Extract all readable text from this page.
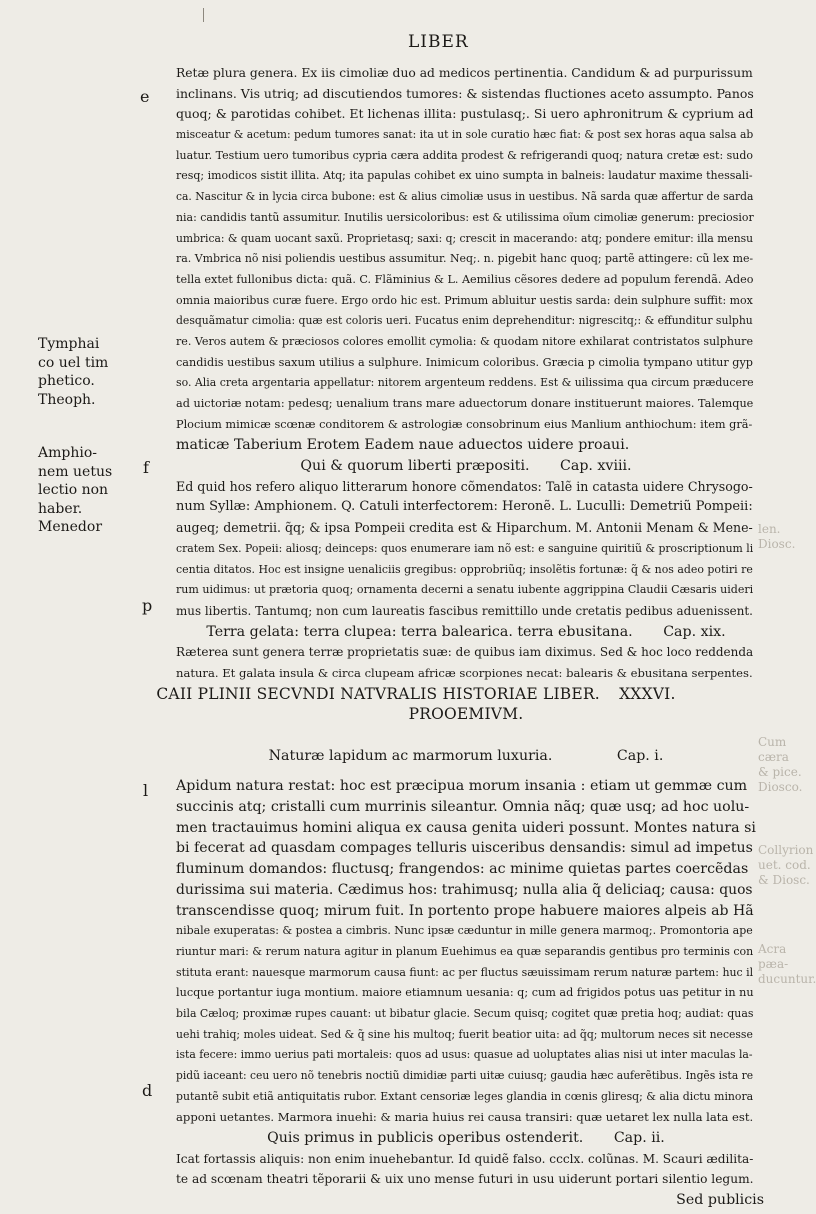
LIBER
Cum cæra
& pice.
Diosco.
Collyrion
uet. cod.
& Diosc.
Acra pæa-
ducuntur.
len. Diosc.
Tymphai
co uel tim
phetico.
Theoph.
Amphio-
nem uetus
lectio non
haber.
Menedor
e
f
p
l
d
Retæ plura genera. Ex iis cimoliæ duo ad medicos pertinentia. Candidum & ad purpurissum
inclinans. Vis utriq; ad discutiendos tumores: & sistendas fluctiones aceto assumpto. Panos
quoq; & parotidas cohibet. Et lichenas illita: pustulasq;. Si uero aphronitrum & cyprium ad
misceatur & acetum: pedum tumores sanat: ita ut in sole curatio hæc fiat: & post sex horas aqua salsa ab
luatur. Testium uero tumoribus cypria cæra addita prodest & refrigerandi quoq; natura cretæ est: sudo
resq; imodicos sistit illita. Atq; ita papulas cohibet ex uino sumpta in balneis: laudatur maxime thessali-
ca. Nascitur & in lycia circa bubone: est & alius cimoliæ usus in uestibus. Nã sarda quæ affertur de sarda
nia: candidis tantũ assumitur. Inutilis uersicoloribus: est & utilissima oĩum cimoliæ generum: preciosior
umbrica: & quam uocant saxũ. Proprietasq; saxi: q; crescit in macerando: atq; pondere emitur: illa mensu
ra. Vmbrica nõ nisi poliendis uestibus assumitur. Neq;. n. pigebit hanc quoq; partẽ attingere: cũ lex me-
tella extet fullonibus dicta: quã. C. Flãminius & L. Aemilius cẽsores dedere ad populum ferendã. Adeo
omnia maioribus curæ fuere. Ergo ordo hic est. Primum abluitur uestis sarda: dein sulphure suffit: mox
desquãmatur cimolia: quæ est coloris ueri. Fucatus enim deprehenditur: nigrescitq;: & effunditur sulphu
re. Veros autem & præciosos colores emollit cymolia: & quodam nitore exhilarat contristatos sulphure
candidis uestibus saxum utilius a sulphure. Inimicum coloribus. Græcia p cimolia tympano utitur gyp
so. Alia creta argentaria appellatur: nitorem argenteum reddens. Est & uilissima qua circum præducere
ad uictoriæ notam: pedesq; uenalium trans mare aduectorum donare instituerunt maiores. Talemque
Plocium mimicæ scœnæ conditorem & astrologiæ consobrinum eius Manlium anthiochum: item grã-
maticæ Taberium Erotem Eadem naue aduectos uidere proaui.
Qui & quorum liberti præpositi. Cap. xviii.
Ed quid hos refero aliquo litterarum honore cõmendatos: Talẽ in catasta uidere Chrysogo-
num Syllæ: Amphionem. Q. Catuli interfectorem: Heronẽ. L. Luculli: Demetriũ Pompeii:
augeq; demetrii. q̃q; & ipsa Pompeii credita est & Hiparchum. M. Antonii Menam & Mene-
cratem Sex. Popeii: aliosq; deinceps: quos enumerare iam nõ est: e sanguine quiritiũ & proscriptionum li
centia ditatos. Hoc est insigne uenaliciis gregibus: opprobriũq; insolẽtis fortunæ: q̃ & nos adeo potiri re
rum uidimus: ut prætoria quoq; ornamenta decerni a senatu iubente aggrippina Claudii Cæsaris uideri
mus libertis. Tantumq; non cum laureatis fascibus remittillo unde cretatis pedibus aduenissent.
Terra gelata: terra clupea: terra balearica. terra ebusitana. Cap. xix.
Ræterea sunt genera terræ proprietatis suæ: de quibus iam diximus. Sed & hoc loco reddenda
natura. Et galata insula & circa clupeam africæ scorpiones necat: balearis & ebusitana serpentes.
CAII PLINII SECVNDI NATVRALIS HISTORIAE LIBER. XXXVI.
PROOEMIVM.
Naturæ lapidum ac marmorum luxuria.	Cap. i.
Apidum natura restat: hoc est præcipua morum insania : etiam ut gemmæ cum
succinis atq; cristalli cum murrinis sileantur. Omnia nãq; quæ usq; ad hoc uolu-
men tractauimus homini aliqua ex causa genita uideri possunt. Montes natura si
bi fecerat ad quasdam compages telluris uisceribus densandis: simul ad impetus
fluminum domandos: fluctusq; frangendos: ac minime quietas partes coercẽdas
durissima sui materia. Cædimus hos: trahimusq; nulla alia q̃ deliciaq; causa: quos
transcendisse quoq; mirum fuit. In portento prope habuere maiores alpeis ab Hã
nibale exuperatas: & postea a cimbris. Nunc ipsæ cæduntur in mille genera marmoq;. Promontoria ape
riuntur mari: & rerum natura agitur in planum Euehimus ea quæ separandis gentibus pro terminis con
stituta erant: nauesque marmorum causa fiunt: ac per fluctus sæuissimam rerum naturæ partem: huc il
lucque portantur iuga montium. maiore etiamnum uesania: q; cum ad frigidos potus uas petitur in nu
bila Cæloq; proximæ rupes cauant: ut bibatur glacie. Secum quisq; cogitet quæ pretia hoq; audiat: quas
uehi trahiq; moles uideat. Sed & q̃ sine his multoq; fuerit beatior uita: ad q̃q; multorum neces sit necesse
ista fecere: immo uerius pati mortaleis: quos ad usus: quasue ad uoluptates alias nisi ut inter maculas la-
pidũ iaceant: ceu uero nõ tenebris noctiũ dimidiæ parti uitæ cuiusq; gaudia hæc auferẽtibus. Ingẽs ista re
putantẽ subit etiã antiquitatis rubor. Extant censoriæ leges glandia in cœnis gliresq; & alia dictu minora
apponi uetantes. Marmora inuehi: & maria huius rei causa transiri: quæ uetaret lex nulla lata est.
Quis primus in publicis operibus ostenderit. Cap. ii.
Icat fortassis aliquis: non enim inuehebantur. Id quidẽ falso. ccclx. colũnas. M. Scauri ædilita-
te ad scœnam theatri tẽporarii & uix uno mense futuri in usu uiderunt portari silentio legum.
Sed publicis
